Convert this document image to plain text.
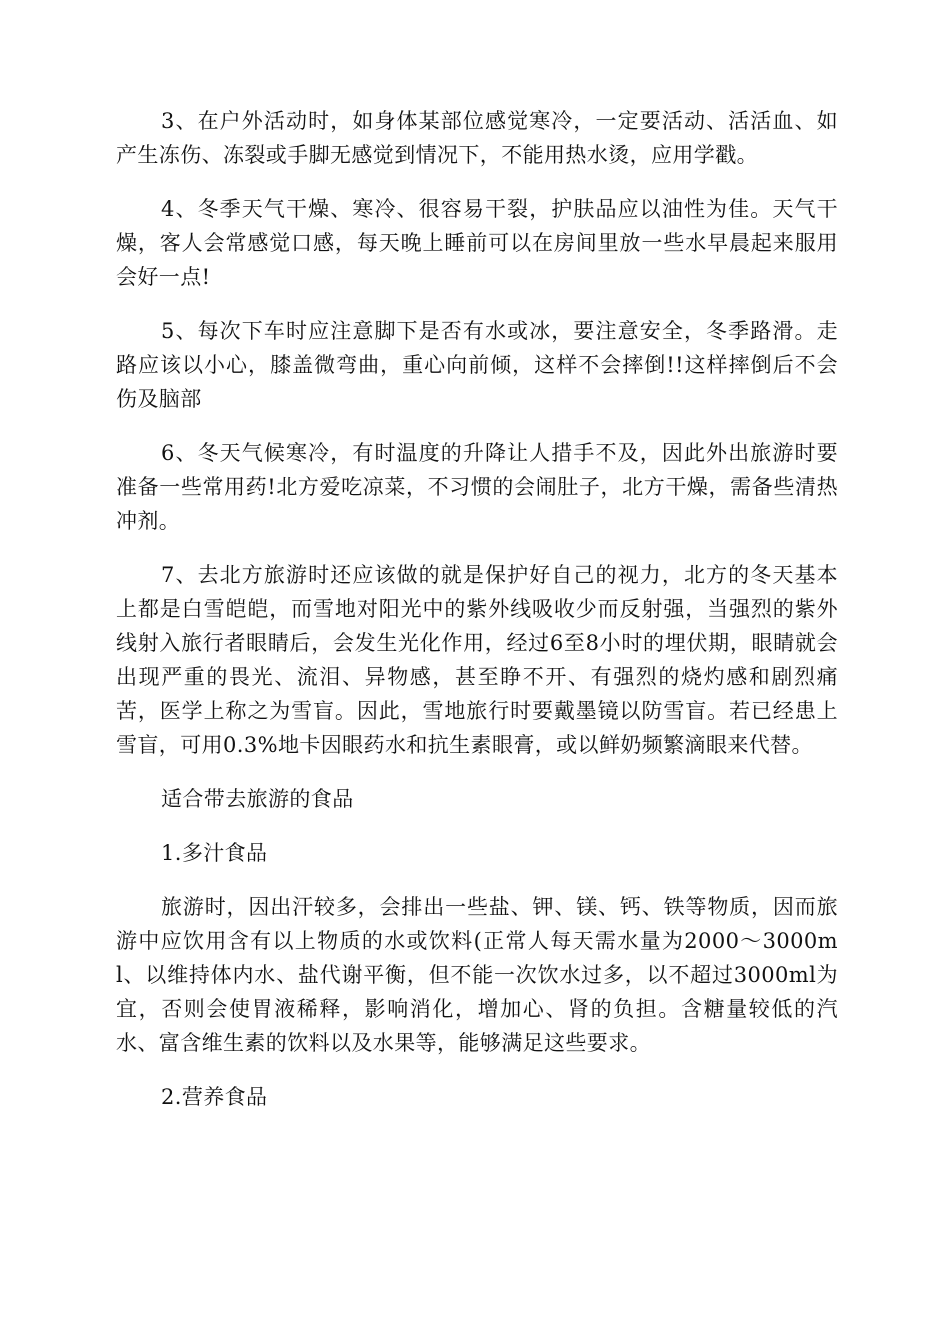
3、在户外活动时，如身体某部位感觉寒冷，一定要活动、活活血、如产生冻伤、冻裂或手脚无感觉到情况下，不能用热水烫，应用学戳。

4、冬季天气干燥、寒冷、很容易干裂，护肤品应以油性为佳。天气干燥，客人会常感觉口感，每天晚上睡前可以在房间里放一些水早晨起来服用会好一点!

5、每次下车时应注意脚下是否有水或冰，要注意安全，冬季路滑。走路应该以小心，膝盖微弯曲，重心向前倾，这样不会摔倒!!这样摔倒后不会伤及脑部

6、冬天气候寒冷，有时温度的升降让人措手不及，因此外出旅游时要准备一些常用药!北方爱吃凉菜，不习惯的会闹肚子，北方干燥，需备些清热冲剂。

7、去北方旅游时还应该做的就是保护好自己的视力，北方的冬天基本上都是白雪皑皑，而雪地对阳光中的紫外线吸收少而反射强，当强烈的紫外线射入旅行者眼睛后，会发生光化作用，经过6至8小时的埋伏期，眼睛就会出现严重的畏光、流泪、异物感，甚至睁不开、有强烈的烧灼感和剧烈痛苦，医学上称之为雪盲。因此，雪地旅行时要戴墨镜以防雪盲。若已经患上雪盲，可用0.3%地卡因眼药水和抗生素眼膏，或以鲜奶频繁滴眼来代替。

适合带去旅游的食品

1.多汁食品

旅游时，因出汗较多，会排出一些盐、钾、镁、钙、铁等物质，因而旅游中应饮用含有以上物质的水或饮料(正常人每天需水量为2000～3000ml、以维持体内水、盐代谢平衡，但不能一次饮水过多，以不超过3000ml为宜，否则会使胃液稀释，影响消化，增加心、肾的负担。含糖量较低的汽水、富含维生素的饮料以及水果等，能够满足这些要求。

2.营养食品
